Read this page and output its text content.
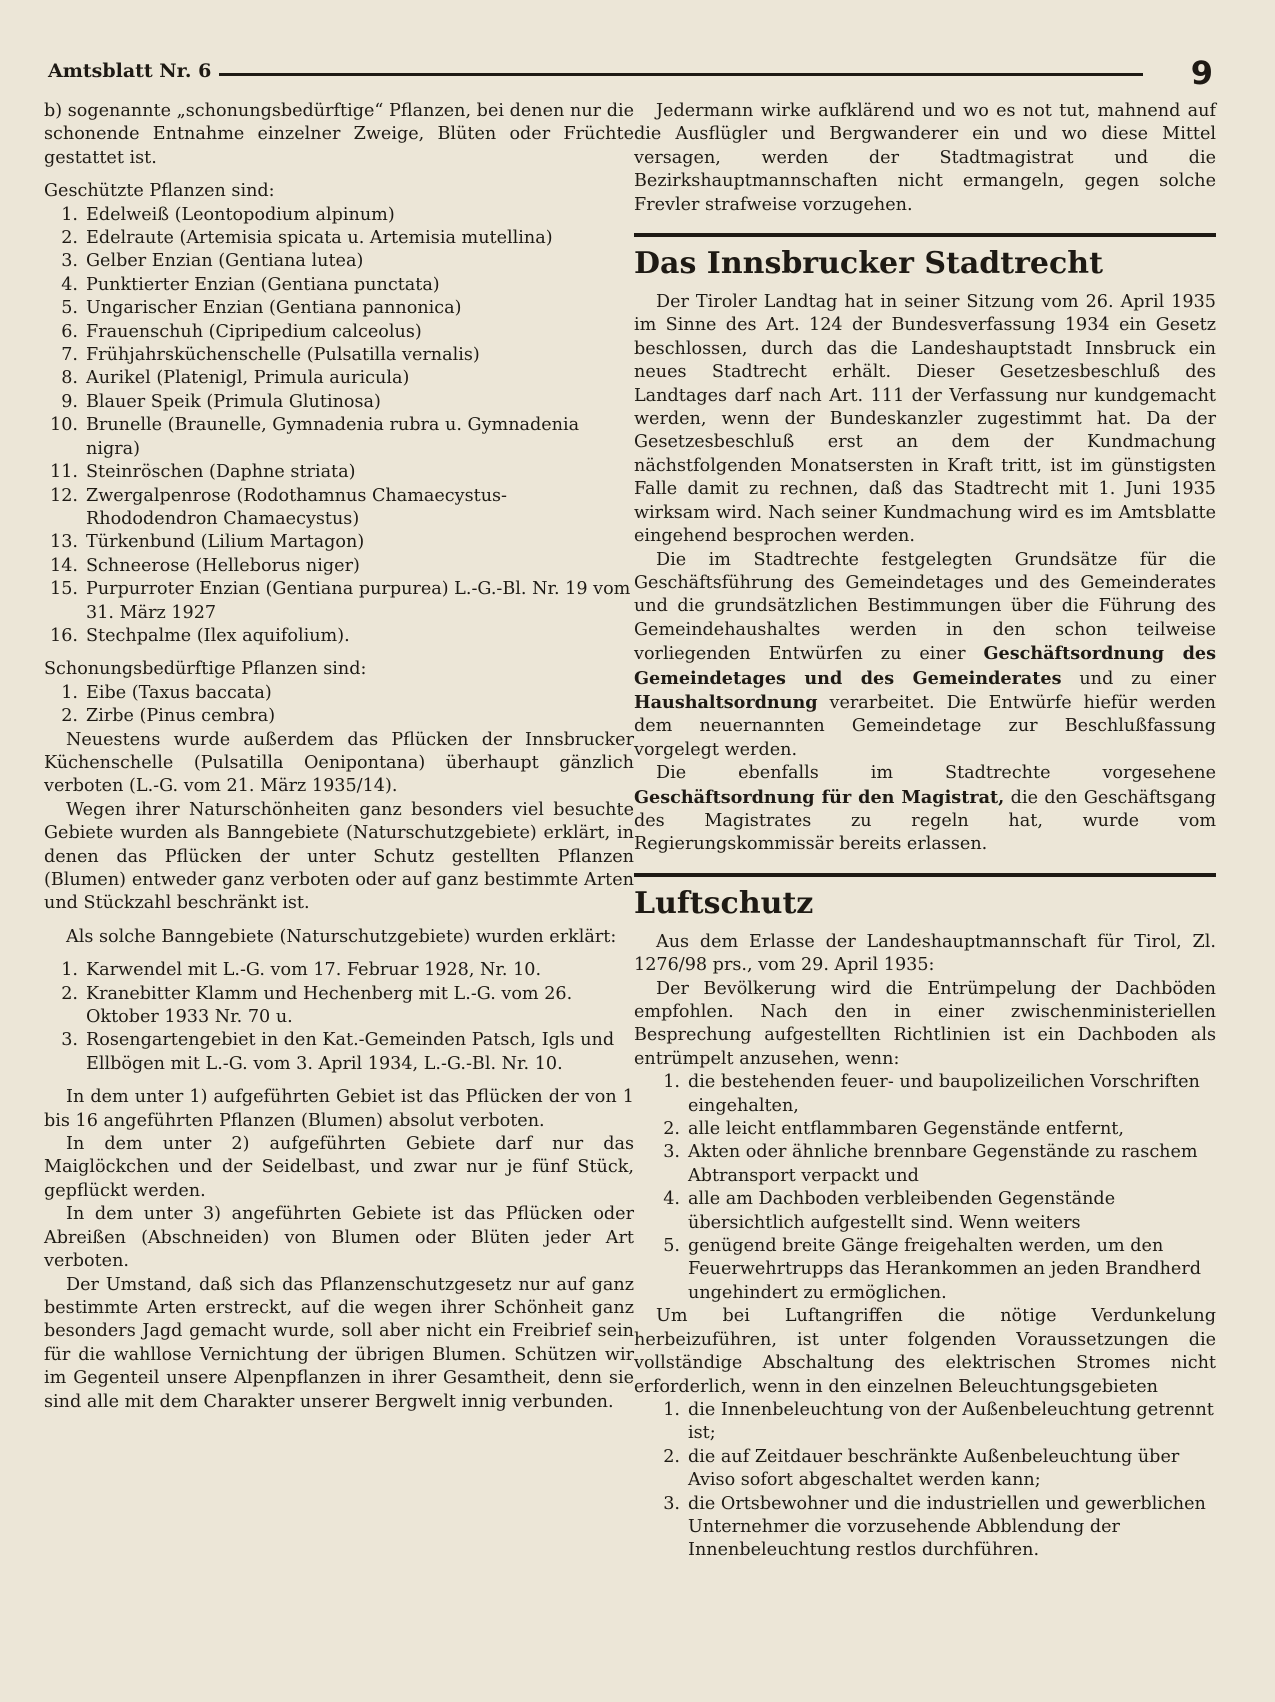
Amtsblatt Nr. 6	9

b) sogenannte „schonungsbedürftige“ Pflanzen, bei denen nur die schonende Entnahme einzelner Zweige, Blüten oder Früchte gestattet ist.

Geschützte Pflanzen sind:

1. Edelweiß (Leontopodium alpinum)
2. Edelraute (Artemisia spicata u. Artemisia mutellina)
3. Gelber Enzian (Gentiana lutea)
4. Punktierter Enzian (Gentiana punctata)
5. Ungarischer Enzian (Gentiana pannonica)
6. Frauenschuh (Cipripedium calceolus)
7. Frühjahrsküchenschelle (Pulsatilla vernalis)
8. Aurikel (Platenigl, Primula auricula)
9. Blauer Speik (Primula Glutinosa)
10. Brunelle (Braunelle, Gymnadenia rubra u. Gymnadenia nigra)
11. Steinröschen (Daphne striata)
12. Zwergalpenrose (Rodothamnus Chamaecystus-Rhododendron Chamaecystus)
13. Türkenbund (Lilium Martagon)
14. Schneerose (Helleborus niger)
15. Purpurroter Enzian (Gentiana purpurea) L.-G.-Bl. Nr. 19 vom 31. März 1927
16. Stechpalme (Ilex aquifolium).

Schonungsbedürftige Pflanzen sind:

1. Eibe (Taxus baccata)
2. Zirbe (Pinus cembra)

Neuestens wurde außerdem das Pflücken der Innsbrucker Küchenschelle (Pulsatilla Oenipontana) überhaupt gänzlich verboten (L.-G. vom 21. März 1935/14).

Wegen ihrer Naturschönheiten ganz besonders viel besuchte Gebiete wurden als Banngebiete (Naturschutzgebiete) erklärt, in denen das Pflücken der unter Schutz gestellten Pflanzen (Blumen) entweder ganz verboten oder auf ganz bestimmte Arten und Stückzahl beschränkt ist.

Als solche Banngebiete (Naturschutzgebiete) wurden erklärt:

1. Karwendel mit L.-G. vom 17. Februar 1928, Nr. 10.
2. Kranebitter Klamm und Hechenberg mit L.-G. vom 26. Oktober 1933 Nr. 70 u.
3. Rosengartengebiet in den Kat.-Gemeinden Patsch, Igls und Ellbögen mit L.-G. vom 3. April 1934, L.-G.-Bl. Nr. 10.

In dem unter 1) aufgeführten Gebiet ist das Pflücken der von 1 bis 16 angeführten Pflanzen (Blumen) absolut verboten.

In dem unter 2) aufgeführten Gebiete darf nur das Maiglöckchen und der Seidelbast, und zwar nur je fünf Stück, gepflückt werden.

In dem unter 3) angeführten Gebiete ist das Pflücken oder Abreißen (Abschneiden) von Blumen oder Blüten jeder Art verboten.

Der Umstand, daß sich das Pflanzenschutzgesetz nur auf ganz bestimmte Arten erstreckt, auf die wegen ihrer Schönheit ganz besonders Jagd gemacht wurde, soll aber nicht ein Freibrief sein für die wahllose Vernichtung der übrigen Blumen. Schützen wir im Gegenteil unsere Alpenpflanzen in ihrer Gesamtheit, denn sie sind alle mit dem Charakter unserer Bergwelt innig verbunden.

Jedermann wirke aufklärend und wo es not tut, mahnend auf die Ausflügler und Bergwanderer ein und wo diese Mittel versagen, werden der Stadtmagistrat und die Bezirkshauptmannschaften nicht ermangeln, gegen solche Frevler strafweise vorzugehen.

Das Innsbrucker Stadtrecht

Der Tiroler Landtag hat in seiner Sitzung vom 26. April 1935 im Sinne des Art. 124 der Bundesverfassung 1934 ein Gesetz beschlossen, durch das die Landeshauptstadt Innsbruck ein neues Stadtrecht erhält. Dieser Gesetzesbeschluß des Landtages darf nach Art. 111 der Verfassung nur kundgemacht werden, wenn der Bundeskanzler zugestimmt hat. Da der Gesetzesbeschluß erst an dem der Kundmachung nächstfolgenden Monatsersten in Kraft tritt, ist im günstigsten Falle damit zu rechnen, daß das Stadtrecht mit 1. Juni 1935 wirksam wird. Nach seiner Kundmachung wird es im Amtsblatte eingehend besprochen werden.

Die im Stadtrechte festgelegten Grundsätze für die Geschäftsführung des Gemeindetages und des Gemeinderates und die grundsätzlichen Bestimmungen über die Führung des Gemeindehaushaltes werden in den schon teilweise vorliegenden Entwürfen zu einer Geschäftsordnung des Gemeindetages und des Gemeinderates und zu einer Haushaltsordnung verarbeitet. Die Entwürfe hiefür werden dem neuernannten Gemeindetage zur Beschlußfassung vorgelegt werden.

Die ebenfalls im Stadtrechte vorgesehene Geschäftsordnung für den Magistrat, die den Geschäftsgang des Magistrates zu regeln hat, wurde vom Regierungskommissär bereits erlassen.

Luftschutz

Aus dem Erlasse der Landeshauptmannschaft für Tirol, Zl. 1276/98 prs., vom 29. April 1935:

Der Bevölkerung wird die Entrümpelung der Dachböden empfohlen. Nach den in einer zwischenministeriellen Besprechung aufgestellten Richtlinien ist ein Dachboden als entrümpelt anzusehen, wenn:

1. die bestehenden feuer- und baupolizeilichen Vorschriften eingehalten,
2. alle leicht entflammbaren Gegenstände entfernt,
3. Akten oder ähnliche brennbare Gegenstände zu raschem Abtransport verpackt und
4. alle am Dachboden verbleibenden Gegenstände übersichtlich aufgestellt sind. Wenn weiters
5. genügend breite Gänge freigehalten werden, um den Feuerwehrtrupps das Herankommen an jeden Brandherd ungehindert zu ermöglichen.

Um bei Luftangriffen die nötige Verdunkelung herbeizuführen, ist unter folgenden Voraussetzungen die vollständige Abschaltung des elektrischen Stromes nicht erforderlich, wenn in den einzelnen Beleuchtungsgebieten

1. die Innenbeleuchtung von der Außenbeleuchtung getrennt ist;
2. die auf Zeitdauer beschränkte Außenbeleuchtung über Aviso sofort abgeschaltet werden kann;
3. die Ortsbewohner und die industriellen und gewerblichen Unternehmer die vorzusehende Abblendung der Innenbeleuchtung restlos durchführen.
